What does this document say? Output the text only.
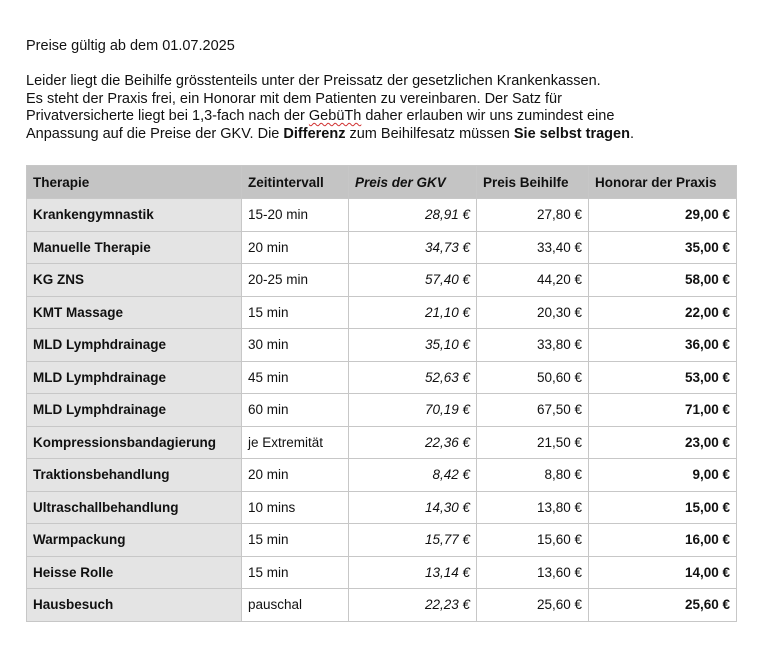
Preise gültig ab dem 01.07.2025

Leider liegt die Beihilfe grösstenteils unter der Preissatz der gesetzlichen Krankenkassen.

Es steht der Praxis frei, ein Honorar mit dem Patienten zu vereinbaren. Der Satz für

Privatversicherte liegt bei 1,3-fach nach der GebüTh daher erlauben wir uns zumindest eine

Anpassung auf die Preise der GKV. Die Differenz zum Beihilfesatz müssen Sie selbst tragen.

Therapie	Zeitintervall	Preis der GKV	Preis Beihilfe	Honorar der Praxis
Krankengymnastik	15-20 min	28,91 €	27,80 €	29,00 €
Manuelle Therapie	20 min	34,73 €	33,40 €	35,00 €
KG ZNS	20-25 min	57,40 €	44,20 €	58,00 €
KMT Massage	15 min	21,10 €	20,30 €	22,00 €
MLD Lymphdrainage	30 min	35,10 €	33,80 €	36,00 €
MLD Lymphdrainage	45 min	52,63 €	50,60 €	53,00 €
MLD Lymphdrainage	60 min	70,19 €	67,50 €	71,00 €
Kompressionsbandagierung	je Extremität	22,36 €	21,50 €	23,00 €
Traktionsbehandlung	20 min	8,42 €	8,80 €	9,00 €
Ultraschallbehandlung	10 mins	14,30 €	13,80 €	15,00 €
Warmpackung	15 min	15,77 €	15,60 €	16,00 €
Heisse Rolle	15 min	13,14 €	13,60 €	14,00 €
Hausbesuch	pauschal	22,23 €	25,60 €	25,60 €
